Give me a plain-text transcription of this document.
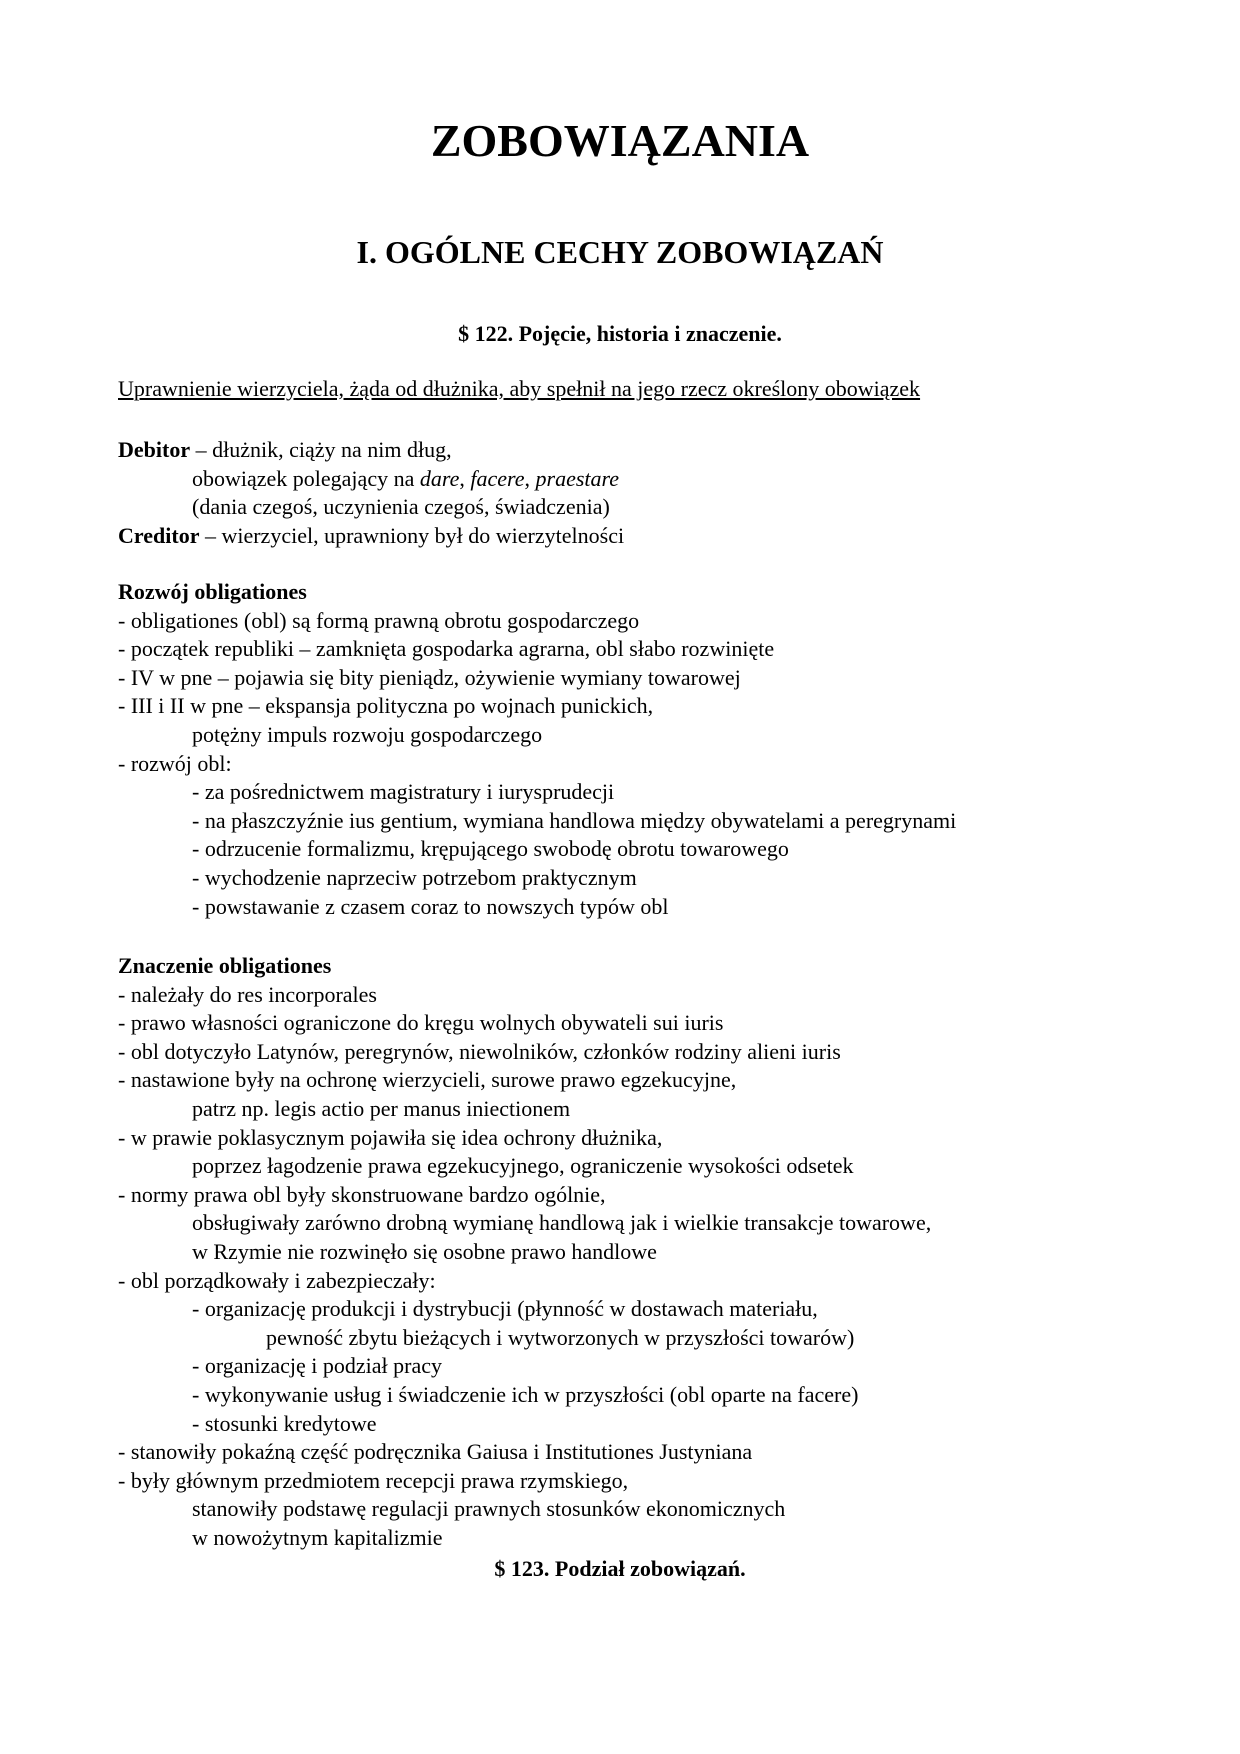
ZOBOWIĄZANIA
I. OGÓLNE CECHY ZOBOWIĄZAŃ
$ 122. Pojęcie, historia i znaczenie.

Uprawnienie wierzyciela, żąda od dłużnika, aby spełnił na jego rzecz określony obowiązek

Debitor – dłużnik, ciąży na nim dług,
obowiązek polegający na dare, facere, praestare
(dania czegoś, uczynienia czegoś, świadczenia)
Creditor – wierzyciel, uprawniony był do wierzytelności
Rozwój obligationes
- obligationes (obl) są formą prawną obrotu gospodarczego
- początek republiki – zamknięta gospodarka agrarna, obl słabo rozwinięte
- IV w pne – pojawia się bity pieniądz, ożywienie wymiany towarowej
- III i II w pne – ekspansja polityczna po wojnach punickich,
potężny impuls rozwoju gospodarczego
- rozwój obl:
- za pośrednictwem magistratury i iurysprudecji
- na płaszczyźnie ius gentium, wymiana handlowa między obywatelami a peregrynami
- odrzucenie formalizmu, krępującego swobodę obrotu towarowego
- wychodzenie naprzeciw potrzebom praktycznym
- powstawanie z czasem coraz to nowszych typów obl
Znaczenie obligationes
- należały do res incorporales
- prawo własności ograniczone do kręgu wolnych obywateli sui iuris
- obl dotyczyło Latynów, peregrynów, niewolników, członków rodziny alieni iuris
- nastawione były na ochronę wierzycieli, surowe prawo egzekucyjne,
patrz np. legis actio per manus iniectionem
- w prawie poklasycznym pojawiła się idea ochrony dłużnika,
poprzez łagodzenie prawa egzekucyjnego, ograniczenie wysokości odsetek
- normy prawa obl były skonstruowane bardzo ogólnie,
obsługiwały zarówno drobną wymianę handlową jak i wielkie transakcje towarowe,
w Rzymie nie rozwinęło się osobne prawo handlowe
- obl porządkowały i zabezpieczały:
- organizację produkcji i dystrybucji (płynność w dostawach materiału,
pewność zbytu bieżących i wytworzonych w przyszłości towarów)
- organizację i podział pracy
- wykonywanie usług i świadczenie ich w przyszłości (obl oparte na facere)
- stosunki kredytowe
- stanowiły pokaźną część podręcznika Gaiusa i Institutiones Justyniana
- były głównym przedmiotem recepcji prawa rzymskiego,
stanowiły podstawę regulacji prawnych stosunków ekonomicznych
w nowożytnym kapitalizmie
$ 123. Podział zobowiązań.
